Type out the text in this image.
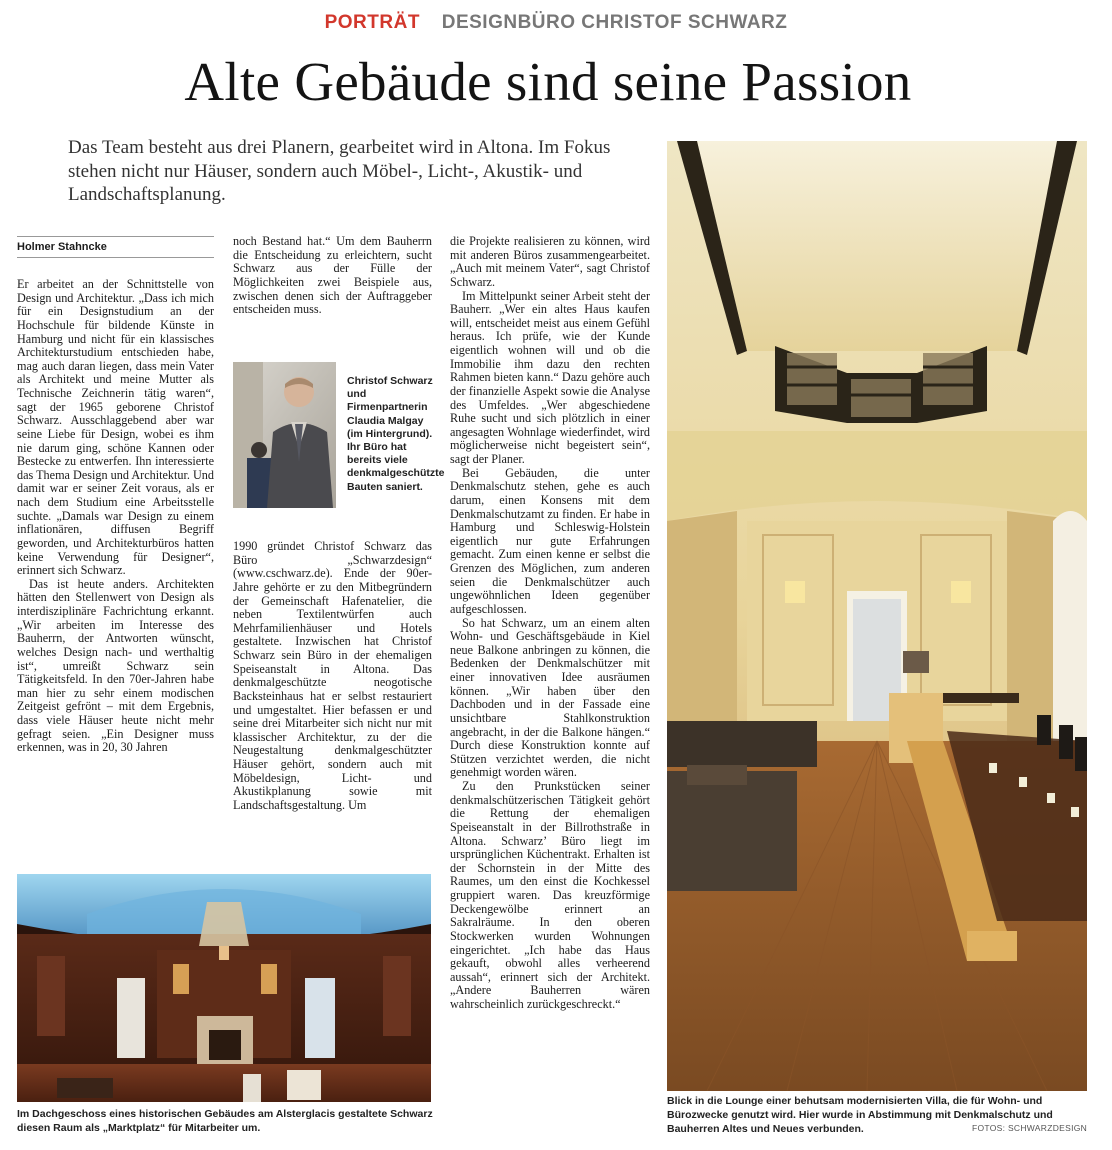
PORTRÄT DESIGNBÜRO CHRISTOF SCHWARZ
Alte Gebäude sind seine Passion
Das Team besteht aus drei Planern, gearbeitet wird in Altona. Im Fokus stehen nicht nur Häuser, sondern auch Möbel-, Licht-, Akustik- und Landschaftsplanung.
Holmer Stahncke

Er arbeitet an der Schnittstelle von Design und Architektur. „Dass ich mich für ein Designstudium an der Hochschule für bildende Künste in Hamburg und nicht für ein klassisches Architekturstudium entschieden habe, mag auch daran liegen, dass mein Vater als Architekt und meine Mutter als Technische Zeichnerin tätig waren“, sagt der 1965 geborene Christof Schwarz. Ausschlaggebend aber war seine Liebe für Design, wobei es ihm nie darum ging, schöne Kannen oder Bestecke zu entwerfen. Ihn interessierte das Thema Design und Architektur. Und damit war er seiner Zeit voraus, als er nach dem Studium eine Arbeitsstelle suchte. „Damals war Design zu einem inflationären, diffusen Begriff geworden, und Architekturbüros hatten keine Verwendung für Designer“, erinnert sich Schwarz.

Das ist heute anders. Architekten hätten den Stellenwert von Design als interdisziplinäre Fachrichtung erkannt. „Wir arbeiten im Interesse des Bauherrn, der Antworten wünscht, welches Design nach- und werthaltig ist“, umreißt Schwarz sein Tätigkeitsfeld. In den 70er-Jahren habe man hier zu sehr einem modischen Zeitgeist gefrönt – mit dem Ergebnis, dass viele Häuser heute nicht mehr gefragt seien. „Ein Designer muss erkennen, was in 20, 30 Jahren

noch Bestand hat.“ Um dem Bauherrn die Entscheidung zu erleichtern, sucht Schwarz aus der Fülle der Möglichkeiten zwei Beispiele aus, zwischen denen sich der Auftraggeber entscheiden muss.

Christof Schwarz und Firmenpartnerin Claudia Malgay (im Hintergrund). Ihr Büro hat bereits viele denkmalgeschützte Bauten saniert.

1990 gründet Christof Schwarz das Büro „Schwarzdesign“ (www.cschwarz.de). Ende der 90er-Jahre gehörte er zu den Mitbegründern der Gemeinschaft Hafenatelier, die neben Textilentwürfen auch Mehrfamilienhäuser und Hotels gestaltete. Inzwischen hat Christof Schwarz sein Büro in der ehemaligen Speiseanstalt in Altona. Das denkmalgeschützte neogotische Backsteinhaus hat er selbst restauriert und umgestaltet. Hier befassen er und seine drei Mitarbeiter sich nicht nur mit klassischer Architektur, zu der die Neugestaltung denkmalgeschützter Häuser gehört, sondern auch mit Möbeldesign, Licht- und Akustikplanung sowie mit Landschaftsgestaltung. Um

die Projekte realisieren zu können, wird mit anderen Büros zusammengearbeitet. „Auch mit meinem Vater“, sagt Christof Schwarz.

Im Mittelpunkt seiner Arbeit steht der Bauherr. „Wer ein altes Haus kaufen will, entscheidet meist aus einem Gefühl heraus. Ich prüfe, wie der Kunde eigentlich wohnen will und ob die Immobilie ihm dazu den rechten Rahmen bieten kann.“ Dazu gehöre auch der finanzielle Aspekt sowie die Analyse des Umfeldes. „Wer abgeschiedene Ruhe sucht und sich plötzlich in einer angesagten Wohnlage wiederfindet, wird möglicherweise nicht begeistert sein“, sagt der Planer.

Bei Gebäuden, die unter Denkmalschutz stehen, gehe es auch darum, einen Konsens mit dem Denkmalschutzamt zu finden. Er habe in Hamburg und Schleswig-Holstein eigentlich nur gute Erfahrungen gemacht. Zum einen kenne er selbst die Grenzen des Möglichen, zum anderen seien die Denkmalschützer auch ungewöhnlichen Ideen gegenüber aufgeschlossen.

So hat Schwarz, um an einem alten Wohn- und Geschäftsgebäude in Kiel neue Balkone anbringen zu können, die Bedenken der Denkmalschützer mit einer innovativen Idee ausräumen können. „Wir haben über den Dachboden und in der Fassade eine unsichtbare Stahlkonstruktion angebracht, in der die Balkone hängen.“ Durch diese Konstruktion konnte auf Stützen verzichtet werden, die nicht genehmigt worden wären.

Zu den Prunkstücken seiner denkmalschützerischen Tätigkeit gehört die Rettung der ehemaligen Speiseanstalt in der Billrothstraße in Altona. Schwarz’ Büro liegt im ursprünglichen Küchentrakt. Erhalten ist der Schornstein in der Mitte des Raumes, um den einst die Kochkessel gruppiert waren. Das kreuzförmige Deckengewölbe erinnert an Sakralräume. In den oberen Stockwerken wurden Wohnungen eingerichtet. „Ich habe das Haus gekauft, obwohl alles verheerend aussah“, erinnert sich der Architekt. „Andere Bauherren wären wahrscheinlich zurückgeschreckt.“

Im Dachgeschoss eines historischen Gebäudes am Alsterglacis gestaltete Schwarz diesen Raum als „Marktplatz“ für Mitarbeiter um.
Blick in die Lounge einer behutsam modernisierten Villa, die für Wohn- und Bürozwecke genutzt wird. Hier wurde in Abstimmung mit Denkmalschutz und Bauherren Altes und Neues verbunden.	FOTOS: SCHWARZDESIGN
